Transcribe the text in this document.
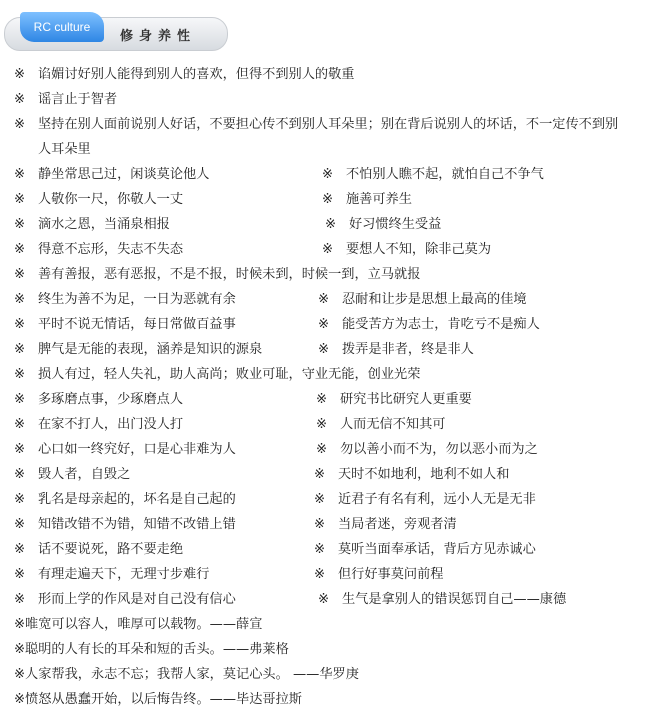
RC culture
修身养性
※ 谄媚讨好别人能得到别人的喜欢，但得不到别人的敬重
※ 谣言止于智者
※ 坚持在别人面前说别人好话，不要担心传不到别人耳朵里；别在背后说别人的坏话，不一定传不到别人耳朵里
※ 静坐常思己过，闲谈莫论他人	※ 不怕别人瞧不起，就怕自己不争气
※ 人敬你一尺，你敬人一丈	※ 施善可养生
※ 滴水之恩，当涌泉相报	※ 好习惯终生受益
※ 得意不忘形，失志不失态	※ 要想人不知，除非己莫为
※ 善有善报，恶有恶报，不是不报，时候未到，时候一到，立马就报
※ 终生为善不为足，一日为恶就有余	※ 忍耐和让步是思想上最高的佳境
※ 平时不说无情话，每日常做百益事	※ 能受苦方为志士，肯吃亏不是痴人
※ 脾气是无能的表现，涵养是知识的源泉	※ 拨弄是非者，终是非人
※ 损人有过，轻人失礼，助人高尚；败业可耻，守业无能，创业光荣
※ 多琢磨点事，少琢磨点人	※ 研究书比研究人更重要
※ 在家不打人，出门没人打	※ 人而无信不知其可
※ 心口如一终究好，口是心非难为人	※ 勿以善小而不为，勿以恶小而为之
※ 毁人者，自毁之	※ 天时不如地利，地利不如人和
※ 乳名是母亲起的，坏名是自己起的	※ 近君子有名有利，远小人无是无非
※ 知错改错不为错，知错不改错上错	※ 当局者迷，旁观者清
※ 话不要说死，路不要走绝	※ 莫听当面奉承话，背后方见赤诚心
※ 有理走遍天下，无理寸步难行	※ 但行好事莫问前程
※ 形而上学的作风是对自己没有信心	※ 生气是拿别人的错误惩罚自己——康德
※唯宽可以容人，唯厚可以载物。——薛宣
※聪明的人有长的耳朵和短的舌头。——弗莱格
※人家帮我，永志不忘；我帮人家，莫记心头。 ——华罗庚
※愤怒从愚蠢开始，以后悔告终。——毕达哥拉斯
